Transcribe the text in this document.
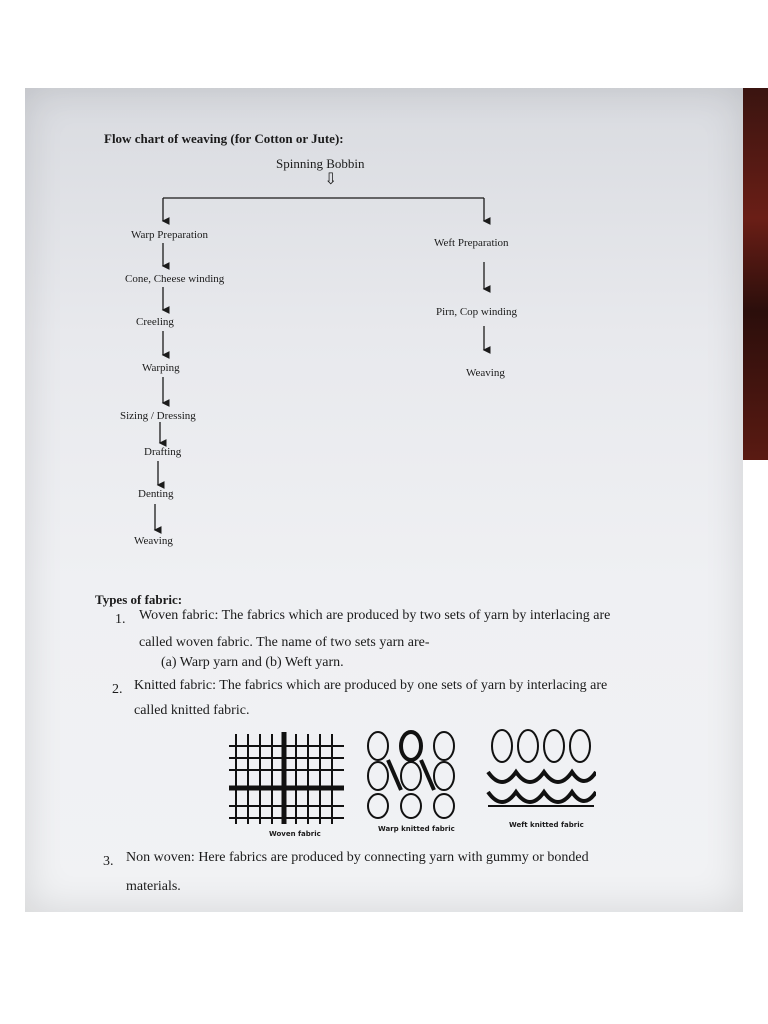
Flow chart of weaving (for Cotton or Jute):
Spinning Bobbin
⇩
Warp Preparation
Cone, Cheese winding
Creeling
Warping
Sizing / Dressing
Drafting
Denting
Weaving
Weft Preparation
Pirn, Cop winding
Weaving
Types of fabric:
1. Woven fabric: The fabrics which are produced by two sets of yarn by interlacing are
called woven fabric. The name of two sets yarn are-
(a) Warp yarn and (b) Weft yarn.
2. Knitted fabric: The fabrics which are produced by one sets of yarn by interlacing are
called knitted fabric.
Woven fabric
Warp knitted fabric	Weft knitted fabric
3. Non woven: Here fabrics are produced by connecting yarn with gummy or bonded
materials.
